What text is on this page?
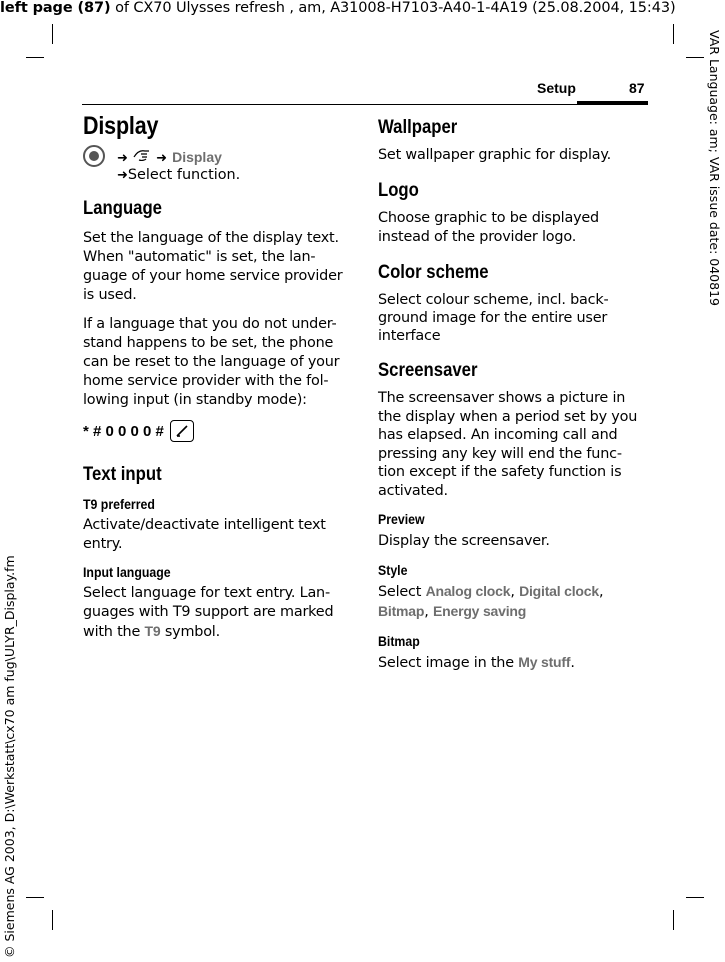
left page (87) of CX70 Ulysses refresh , am, A31008-H7103-A40-1-4A19 (25.08.2004, 15:43)
VAR Language: am; VAR issue date: 040819
© Siemens AG 2003, D:\Werkstatt\cx70 am fug\ULYR_Display.fm
Setup	87
Display
➜ ➜ Display
➜Select function.
Language

Set the language of the display text. When "automatic" is set, the lan-guage of your home service provider is used.

If a language that you do not under-stand happens to be set, the phone can be reset to the language of your home service provider with the fol-lowing input (in standby mode):

* # 0 0 0 0 #
Text input
T9 preferred

Activate/deactivate intelligent text entry.

Input language

Select language for text entry. Lan-guages with T9 support are marked with the T9 symbol.

Wallpaper

Set wallpaper graphic for display.

Logo

Choose graphic to be displayed instead of the provider logo.

Color scheme

Select colour scheme, incl. back-ground image for the entire user interface

Screensaver

The screensaver shows a picture in the display when a period set by you has elapsed. An incoming call and pressing any key will end the func-tion except if the safety function is activated.

Preview

Display the screensaver.

Style

Select Analog clock, Digital clock,
Bitmap, Energy saving

Bitmap

Select image in the My stuff.
